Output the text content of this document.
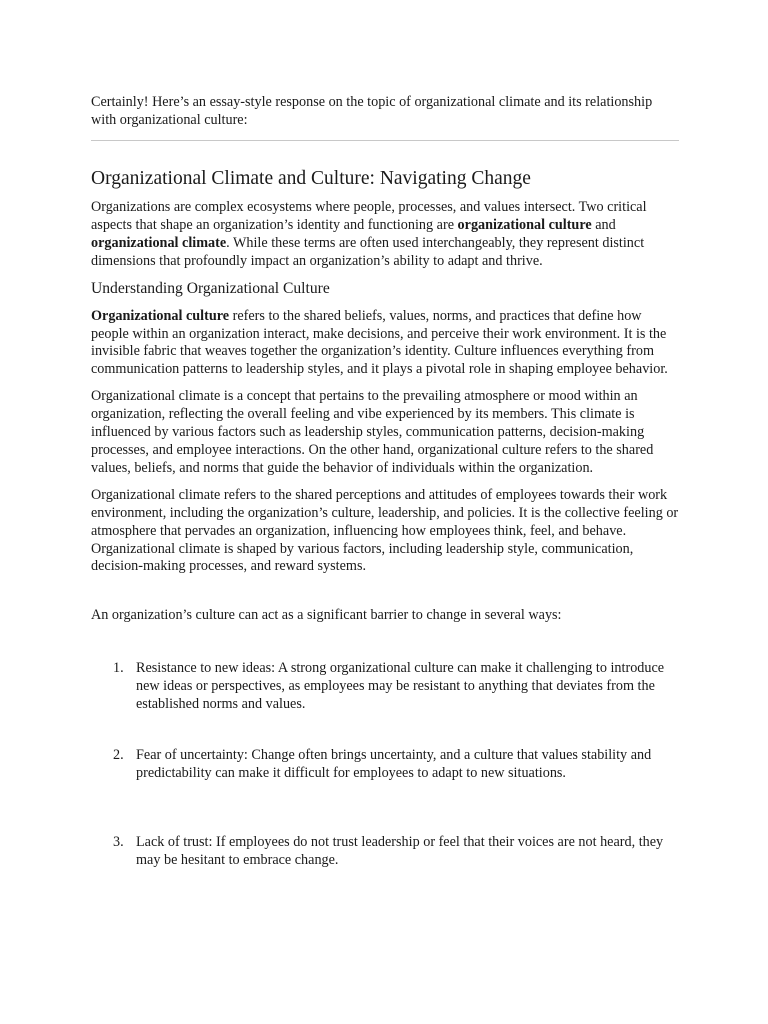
Certainly! Here’s an essay-style response on the topic of organizational climate and its relationship with organizational culture:

Organizational Climate and Culture: Navigating Change

Organizations are complex ecosystems where people, processes, and values intersect. Two critical aspects that shape an organization’s identity and functioning are organizational culture and organizational climate. While these terms are often used interchangeably, they represent distinct dimensions that profoundly impact an organization’s ability to adapt and thrive.

Understanding Organizational Culture

Organizational culture refers to the shared beliefs, values, norms, and practices that define how people within an organization interact, make decisions, and perceive their work environment. It is the invisible fabric that weaves together the organization’s identity. Culture influences everything from communication patterns to leadership styles, and it plays a pivotal role in shaping employee behavior.

Organizational climate is a concept that pertains to the prevailing atmosphere or mood within an organization, reflecting the overall feeling and vibe experienced by its members. This climate is influenced by various factors such as leadership styles, communication patterns, decision-making processes, and employee interactions. On the other hand, organizational culture refers to the shared values, beliefs, and norms that guide the behavior of individuals within the organization.

Organizational climate refers to the shared perceptions and attitudes of employees towards their work environment, including the organization’s culture, leadership, and policies. It is the collective feeling or atmosphere that pervades an organization, influencing how employees think, feel, and behave. Organizational climate is shaped by various factors, including leadership style, communication, decision-making processes, and reward systems.

An organization’s culture can act as a significant barrier to change in several ways:

1. Resistance to new ideas: A strong organizational culture can make it challenging to introduce new ideas or perspectives, as employees may be resistant to anything that deviates from the established norms and values.
2. Fear of uncertainty: Change often brings uncertainty, and a culture that values stability and predictability can make it difficult for employees to adapt to new situations.
3. Lack of trust: If employees do not trust leadership or feel that their voices are not heard, they may be hesitant to embrace change.
